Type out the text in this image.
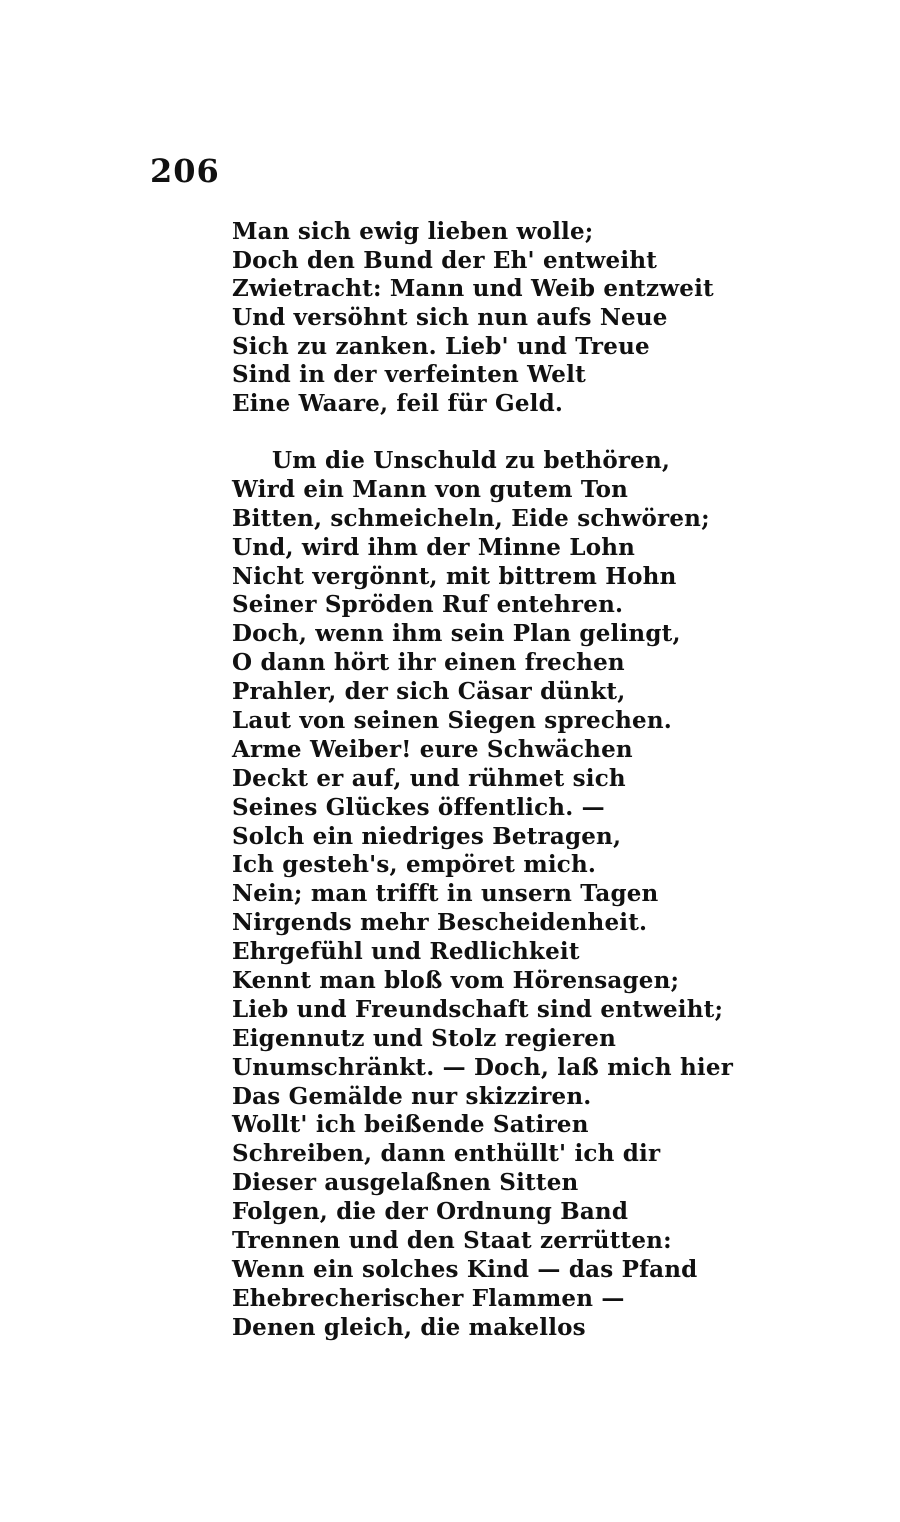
206
Man sich ewig lieben wolle;
Doch den Bund der Eh' entweiht
Zwietracht: Mann und Weib entzweit
Und versöhnt sich nun aufs Neue
Sich zu zanken. Lieb' und Treue
Sind in der verfeinten Welt
Eine Waare, feil für Geld.
Um die Unschuld zu bethören,
Wird ein Mann von gutem Ton
Bitten, schmeicheln, Eide schwören;
Und, wird ihm der Minne Lohn
Nicht vergönnt, mit bittrem Hohn
Seiner Spröden Ruf entehren.
Doch, wenn ihm sein Plan gelingt,
O dann hört ihr einen frechen
Prahler, der sich Cäsar dünkt,
Laut von seinen Siegen sprechen.
Arme Weiber! eure Schwächen
Deckt er auf, und rühmet sich
Seines Glückes öffentlich. —
Solch ein niedriges Betragen,
Ich gesteh's, empöret mich.
Nein; man trifft in unsern Tagen
Nirgends mehr Bescheidenheit.
Ehrgefühl und Redlichkeit
Kennt man bloß vom Hörensagen;
Lieb und Freundschaft sind entweiht;
Eigennutz und Stolz regieren
Unumschränkt. — Doch, laß mich hier
Das Gemälde nur skizziren.
Wollt' ich beißende Satiren
Schreiben, dann enthüllt' ich dir
Dieser ausgelaßnen Sitten
Folgen, die der Ordnung Band
Trennen und den Staat zerrütten:
Wenn ein solches Kind — das Pfand
Ehebrecherischer Flammen —
Denen gleich, die makellos
